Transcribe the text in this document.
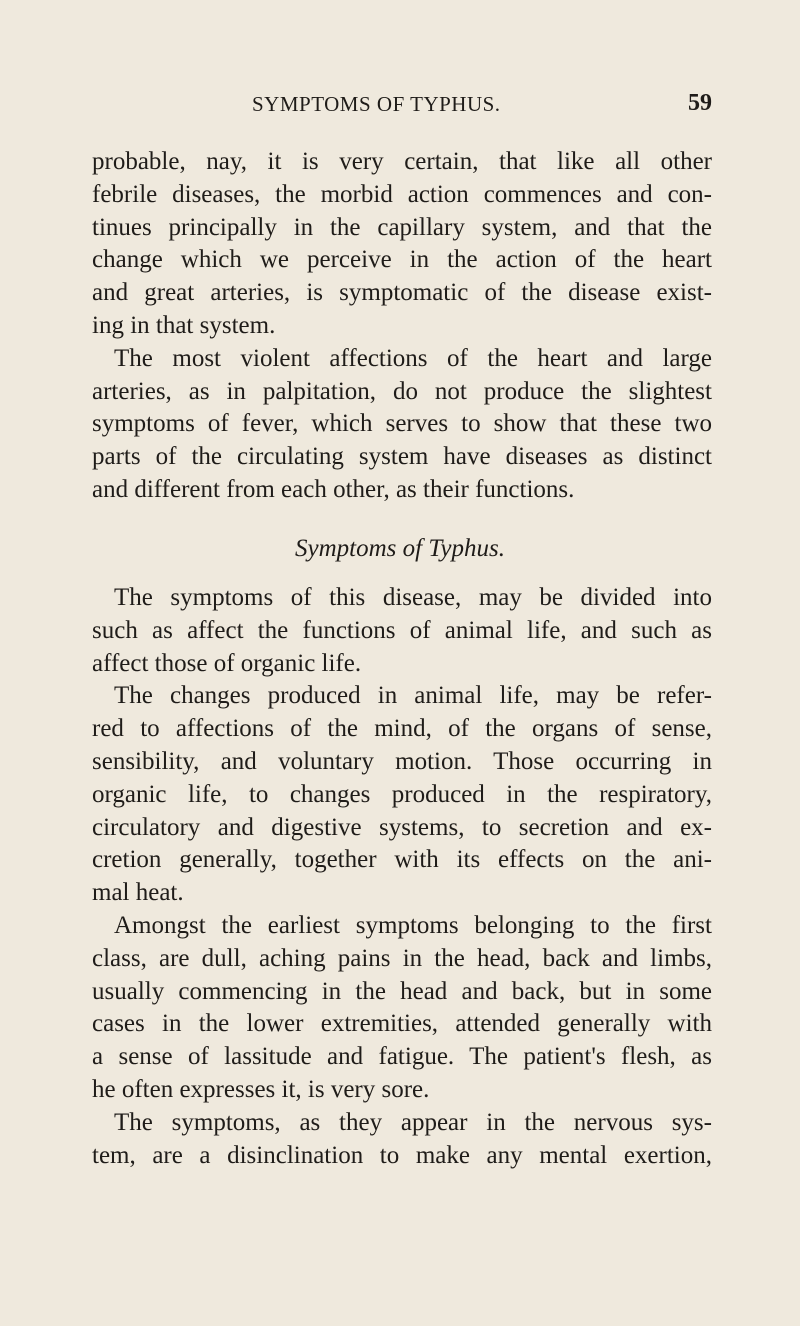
SYMPTOMS OF TYPHUS.	59
probable, nay, it is very certain, that like all other
febrile diseases, the morbid action commences and con-
tinues principally in the capillary system, and that the
change which we perceive in the action of the heart
and great arteries, is symptomatic of the disease exist-
ing in that system.
The most violent affections of the heart and large
arteries, as in palpitation, do not produce the slightest
symptoms of fever, which serves to show that these two
parts of the circulating system have diseases as distinct
and different from each other, as their functions.
Symptoms of Typhus.
The symptoms of this disease, may be divided into
such as affect the functions of animal life, and such as
affect those of organic life.
The changes produced in animal life, may be refer-
red to affections of the mind, of the organs of sense,
sensibility, and voluntary motion. Those occurring in
organic life, to changes produced in the respiratory,
circulatory and digestive systems, to secretion and ex-
cretion generally, together with its effects on the ani-
mal heat.
Amongst the earliest symptoms belonging to the first
class, are dull, aching pains in the head, back and limbs,
usually commencing in the head and back, but in some
cases in the lower extremities, attended generally with
a sense of lassitude and fatigue. The patient's flesh, as
he often expresses it, is very sore.
The symptoms, as they appear in the nervous sys-
tem, are a disinclination to make any mental exertion,
